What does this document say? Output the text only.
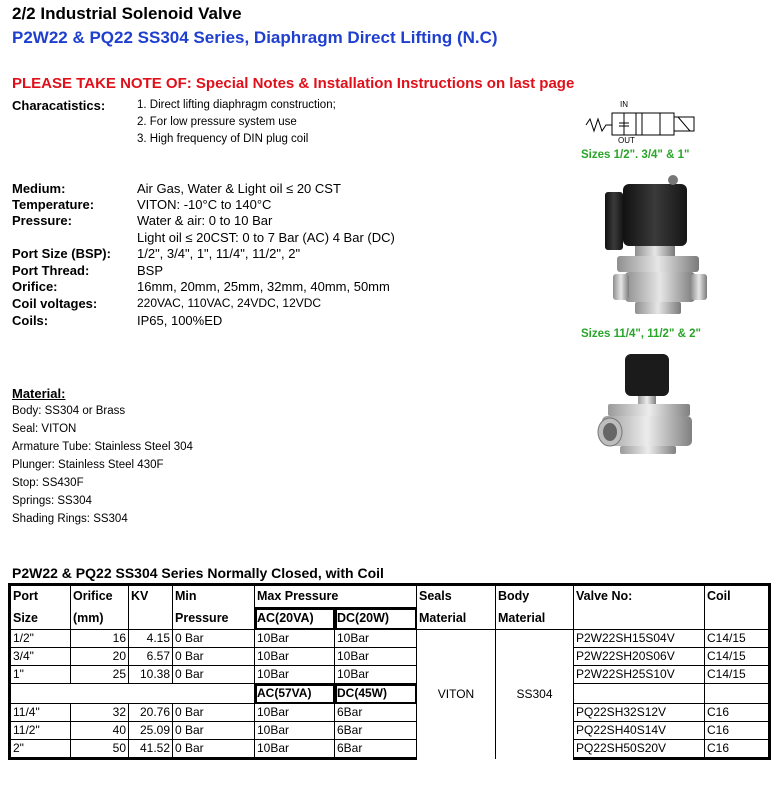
2/2 Industrial Solenoid Valve
P2W22 & PQ22 SS304 Series, Diaphragm Direct Lifting (N.C)
PLEASE TAKE NOTE OF: Special Notes & Installation Instructions on last page
Characatistics:	1. Direct lifting diaphragm construction;
2. For low pressure system use
3. High frequency of DIN plug coil
IN
OUT
Sizes 1/2". 3/4" & 1"
Sizes 11/4", 11/2" & 2"
Medium:	Air Gas, Water & Light oil ≤ 20 CST
Temperature:	VITON: -10°C to 140°C
Pressure:	Water & air: 0 to 10 Bar
Light oil ≤ 20CST: 0 to 7 Bar (AC) 4 Bar (DC)
Port Size (BSP): 1/2", 3/4", 1", 11/4", 11/2", 2"
Port Thread:	BSP
Orifice:	16mm, 20mm, 25mm, 32mm, 40mm, 50mm
Coil voltages:	220VAC, 110VAC, 24VDC, 12VDC
Coils:	IP65, 100%ED
Material:
Body: SS304 or Brass
Seal: VITON
Armature Tube: Stainless Steel 304
Plunger: Stainless Steel 430F
Stop: SS430F
Springs: SS304
Shading Rings: SS304
P2W22 & PQ22 SS304 Series Normally Closed, with Coil
Port	Orifice	KV	Min	Max Pressure		Seals	Body	Valve No:	Coil
Size	(mm)		Pressure	AC(20VA)	DC(20W)	Material	Material		
1/2"	16	4.15	0 Bar	10Bar	10Bar	VITON	SS304	P2W22SH15S04V	C14/15
3/4"	20	6.57	0 Bar	10Bar	10Bar			P2W22SH20S06V	C14/15
1"	25	10.38	0 Bar	10Bar	10Bar			P2W22SH25S10V	C14/15
				AC(57VA)	DC(45W)				
11/4"	32	20.76	0 Bar	10Bar	6Bar			PQ22SH32S12V	C16
11/2"	40	25.09	0 Bar	10Bar	6Bar			PQ22SH40S14V	C16
2"	50	41.52	0 Bar	10Bar	6Bar			PQ22SH50S20V	C16
